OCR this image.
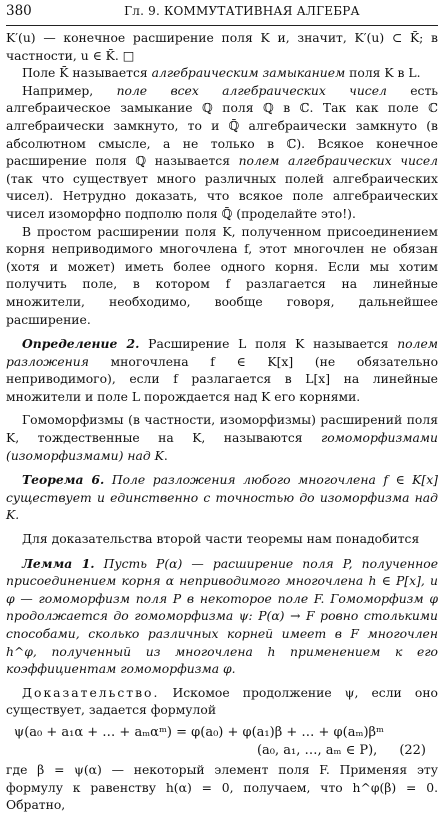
380	Гл. 9. КОММУТАТИВНАЯ АЛГЕБРА

K′(u) — конечное расширение поля K и, значит, K′(u) ⊂ K̄; в частности, u ∈ K̄. □

Поле K̄ называется алгебраическим замыканием поля K в L.

Например, поле всех алгебраических чисел есть алгебраическое замыкание ℚ поля ℚ в ℂ. Так как поле ℂ алгебраически замкнуто, то и ℚ̄ алгебраически замкнуто (в абсолютном смысле, а не только в ℂ). Всякое конечное расширение поля ℚ называется полем алгебраических чисел (так что существует много различных полей алгебраических чисел). Нетрудно доказать, что всякое поле алгебраических чисел изоморфно подполю поля ℚ̄ (проделайте это!).

В простом расширении поля K, полученном присоединением корня неприводимого многочлена f, этот многочлен не обязан (хотя и может) иметь более одного корня. Если мы хотим получить поле, в котором f разлагается на линейные множители, необходимо, вообще говоря, дальнейшее расширение.

Определение 2. Расширение L поля K называется полем разложения многочлена f ∈ K[x] (не обязательно неприводимого), если f разлагается в L[x] на линейные множители и поле L порождается над K его корнями.

Гомоморфизмы (в частности, изоморфизмы) расширений поля K, тождественные на K, называются гомоморфизмами (изоморфизмами) над K.

Теорема 6. Поле разложения любого многочлена f ∈ K[x] существует и единственно с точностью до изоморфизма над K.

Для доказательства второй части теоремы нам понадобится

Лемма 1. Пусть P(α) — расширение поля P, полученное присоединением корня α неприводимого многочлена h ∈ P[x], и φ — гомоморфизм поля P в некоторое поле F. Гомоморфизм φ продолжается до гомоморфизма ψ: P(α) → F ровно столькими способами, сколько различных корней имеет в F многочлен h^φ, полученный из многочлена h применением к его коэффициентам гомоморфизма φ.

Доказательство. Искомое продолжение ψ, если оно существует, задается формулой

ψ(a₀ + a₁α + … + aₘαᵐ) = φ(a₀) + φ(a₁)β + … + φ(aₘ)βᵐ
(a₀, a₁, …, aₘ ∈ P), (22)

где β = ψ(α) — некоторый элемент поля F. Применяя эту формулу к равенству h(α) = 0, получаем, что h^φ(β) = 0. Обратно,
